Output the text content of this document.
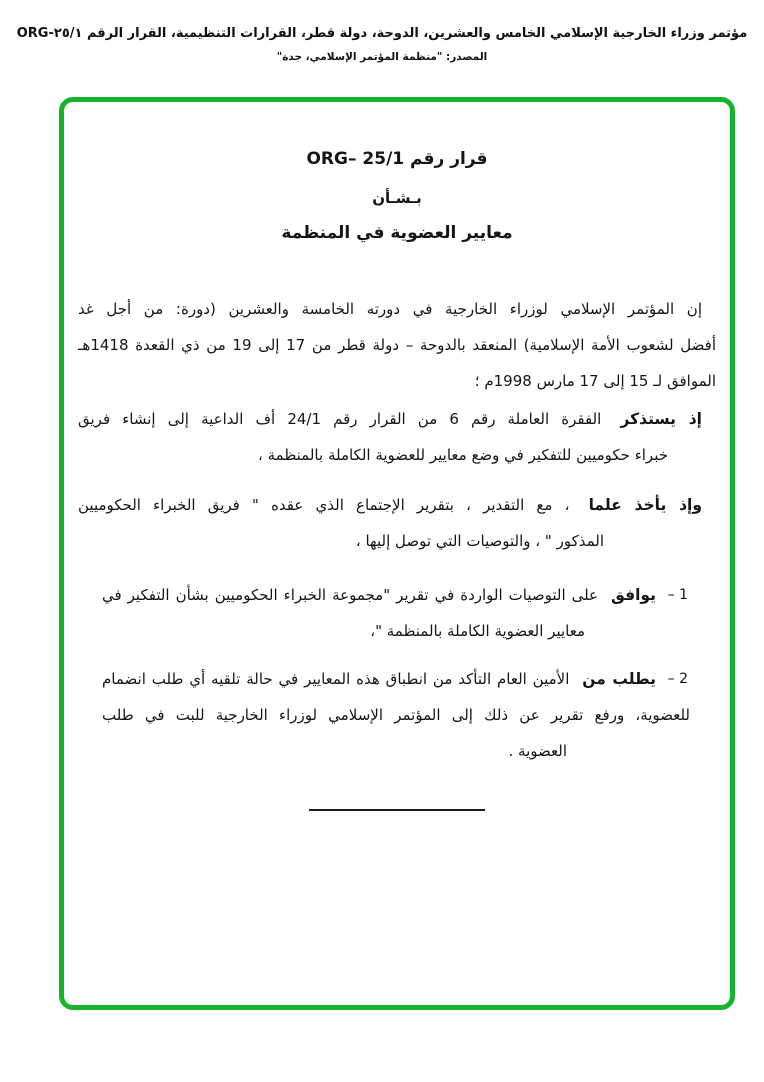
مؤتمر وزراء الخارجية الإسلامي الخامس والعشرين، الدوحة، دولة قطر، القرارات التنظيمية، القرار الرقم ٢٥/١-ORG
المصدر: "منظمة المؤتمر الإسلامي، جدة"
قرار رقم 25/1 –ORG
بـشـأن
معايير العضوية في المنظمة
إن المؤتمر الإسلامي لوزراء الخارجية في دورته الخامسة والعشرين (دورة: من أجل غد
أفضل لشعوب الأمة الإسلامية) المنعقد بالدوحة – دولة قطر من 17 إلى 19 من ذي القعدة 1418هـ
الموافق لـ 15 إلى 17 مارس 1998م ؛
إذ يستذكر الفقرة العاملة رقم 6 من القرار رقم 24/1 أف الداعية إلى إنشاء فريق
خبراء حكوميين للتفكير في وضع معايير للعضوية الكاملة بالمنظمة ،
وإذ يأخذ علما ، مع التقدير ، بتقرير الإجتماع الذي عقده " فريق الخبراء الحكوميين
المذكور " ، والتوصيات التي توصل إليها ،
1 –
يوافق على التوصيات الواردة في تقرير "مجموعة الخبراء الحكوميين بشأن التفكير في
معايير العضوية الكاملة بالمنظمة "،
2 –
يطلب من الأمين العام التأكد من انطباق هذه المعايير في حالة تلقيه أي طلب انضمام
للعضوية، ورفع تقرير عن ذلك إلى المؤتمر الإسلامي لوزراء الخارجية للبت في طلب
العضوية .
